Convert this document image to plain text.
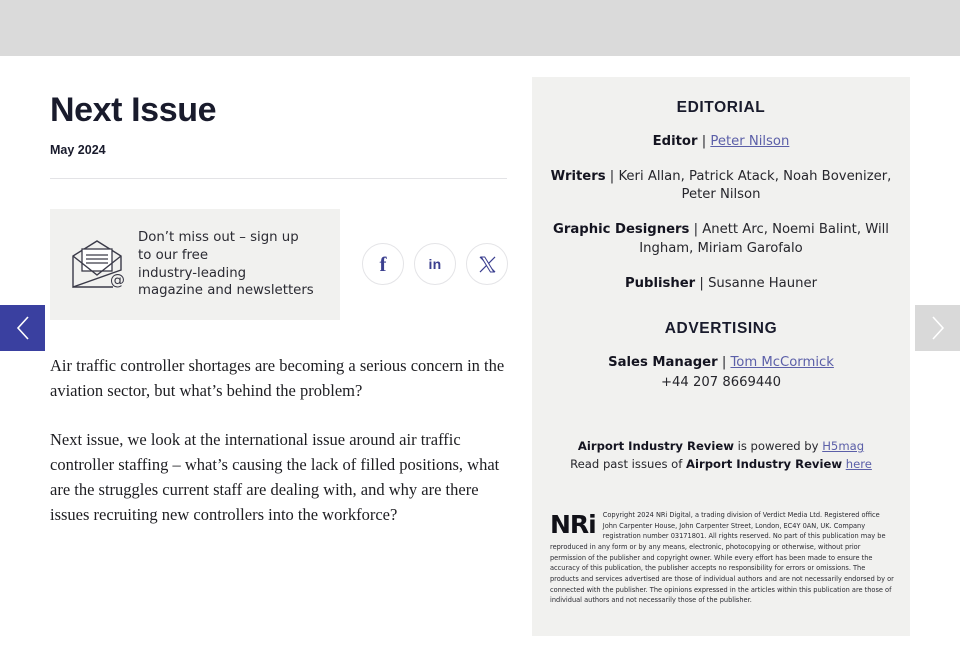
Next Issue
May 2024
@
Don’t miss out – sign up
to our free
industry-leading
magazine and newsletters
f	in

Air traffic controller shortages are becoming a serious concern in the aviation sector, but what’s behind the problem?

Next issue, we look at the international issue around air traffic controller staffing – what’s causing the lack of filled positions, what are the struggles current staff are dealing with, and why are there issues recruiting new controllers into the workforce?

EDITORIAL
Editor | Peter Nilson
Writers | Keri Allan, Patrick Atack, Noah Bovenizer, Peter Nilson
Graphic Designers | Anett Arc, Noemi Balint, Will Ingham, Miriam Garofalo
Publisher | Susanne Hauner
ADVERTISING
Sales Manager | Tom McCormick
+44 207 8669440
Airport Industry Review is powered by H5mag
Read past issues of Airport Industry Review here
NRi	Copyright 2024 NRi Digital, a trading division of Verdict Media Ltd. Registered office John Carpenter House, John Carpenter Street, London, EC4Y 0AN, UK. Company registration number 03171801. All rights reserved. No part of this publication may be reproduced in any form or by any means, electronic, photocopying or otherwise, without prior permission of the publisher and copyright owner. While every effort has been made to ensure the accuracy of this publication, the publisher accepts no responsibility for errors or omissions. The products and services advertised are those of individual authors and are not necessarily endorsed by or connected with the publisher. The opinions expressed in the articles within this publication are those of individual authors and not necessarily those of the publisher.
